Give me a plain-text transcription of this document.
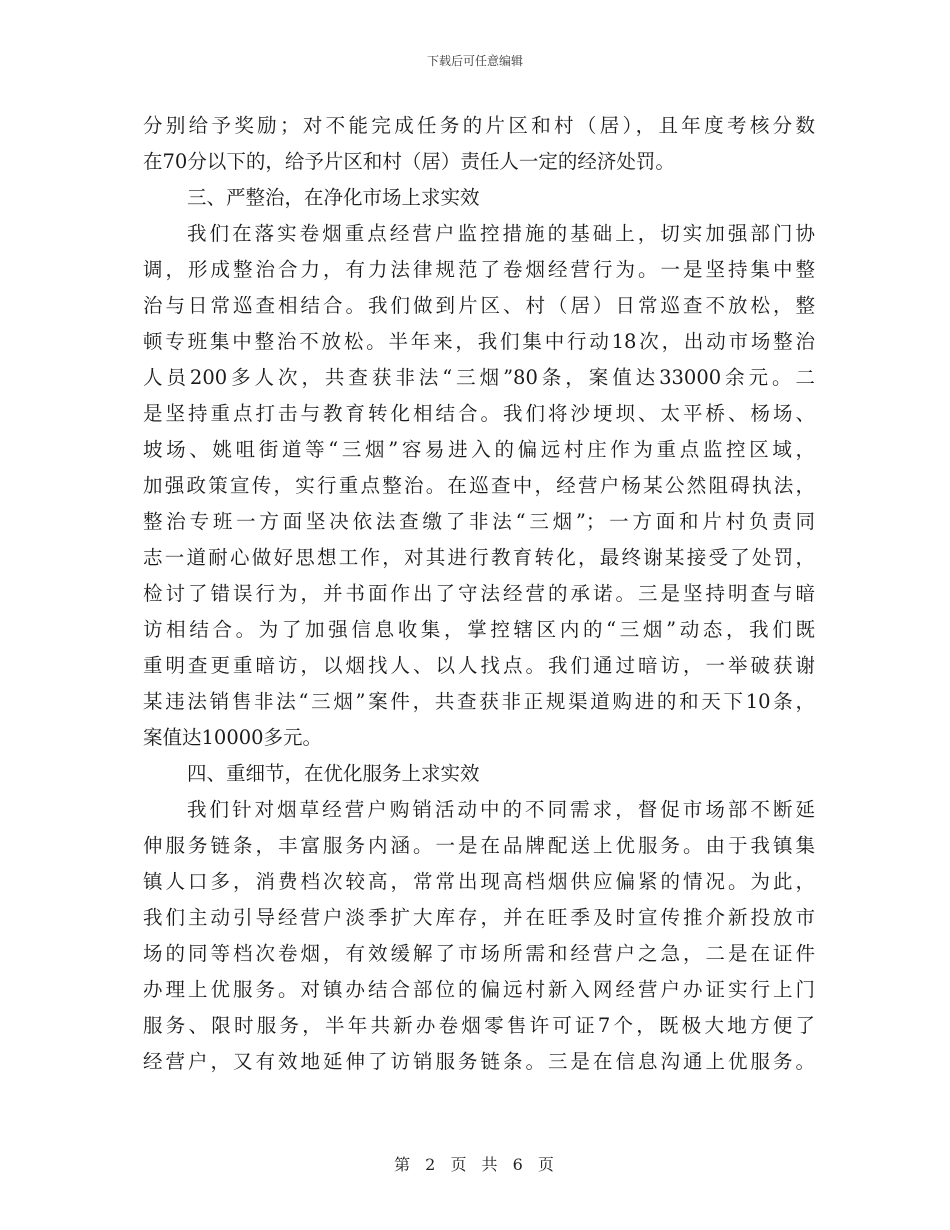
下载后可任意编辑
分别给予奖励；对不能完成任务的片区和村（居），且年度考核分数
在70分以下的，给予片区和村（居）责任人一定的经济处罚。
三、严整治，在净化市场上求实效
我们在落实卷烟重点经营户监控措施的基础上，切实加强部门协
调，形成整治合力，有力法律规范了卷烟经营行为。一是坚持集中整
治与日常巡查相结合。我们做到片区、村（居）日常巡查不放松，整
顿专班集中整治不放松。半年来，我们集中行动18次，出动市场整治
人员200多人次，共查获非法“三烟”80条，案值达33000余元。二
是坚持重点打击与教育转化相结合。我们将沙埂坝、太平桥、杨场、
坡场、姚咀街道等“三烟”容易进入的偏远村庄作为重点监控区域，
加强政策宣传，实行重点整治。在巡查中，经营户杨某公然阻碍执法，
整治专班一方面坚决依法查缴了非法“三烟”；一方面和片村负责同
志一道耐心做好思想工作，对其进行教育转化，最终谢某接受了处罚，
检讨了错误行为，并书面作出了守法经营的承诺。三是坚持明查与暗
访相结合。为了加强信息收集，掌控辖区内的“三烟”动态，我们既
重明查更重暗访，以烟找人、以人找点。我们通过暗访，一举破获谢
某违法销售非法“三烟”案件，共查获非正规渠道购进的和天下10条，
案值达10000多元。
四、重细节，在优化服务上求实效
我们针对烟草经营户购销活动中的不同需求，督促市场部不断延
伸服务链条，丰富服务内涵。一是在品牌配送上优服务。由于我镇集
镇人口多，消费档次较高，常常出现高档烟供应偏紧的情况。为此，
我们主动引导经营户淡季扩大库存，并在旺季及时宣传推介新投放市
场的同等档次卷烟，有效缓解了市场所需和经营户之急，二是在证件
办理上优服务。对镇办结合部位的偏远村新入网经营户办证实行上门
服务、限时服务，半年共新办卷烟零售许可证7个，既极大地方便了
经营户，又有效地延伸了访销服务链条。三是在信息沟通上优服务。
第 2 页 共 6 页
